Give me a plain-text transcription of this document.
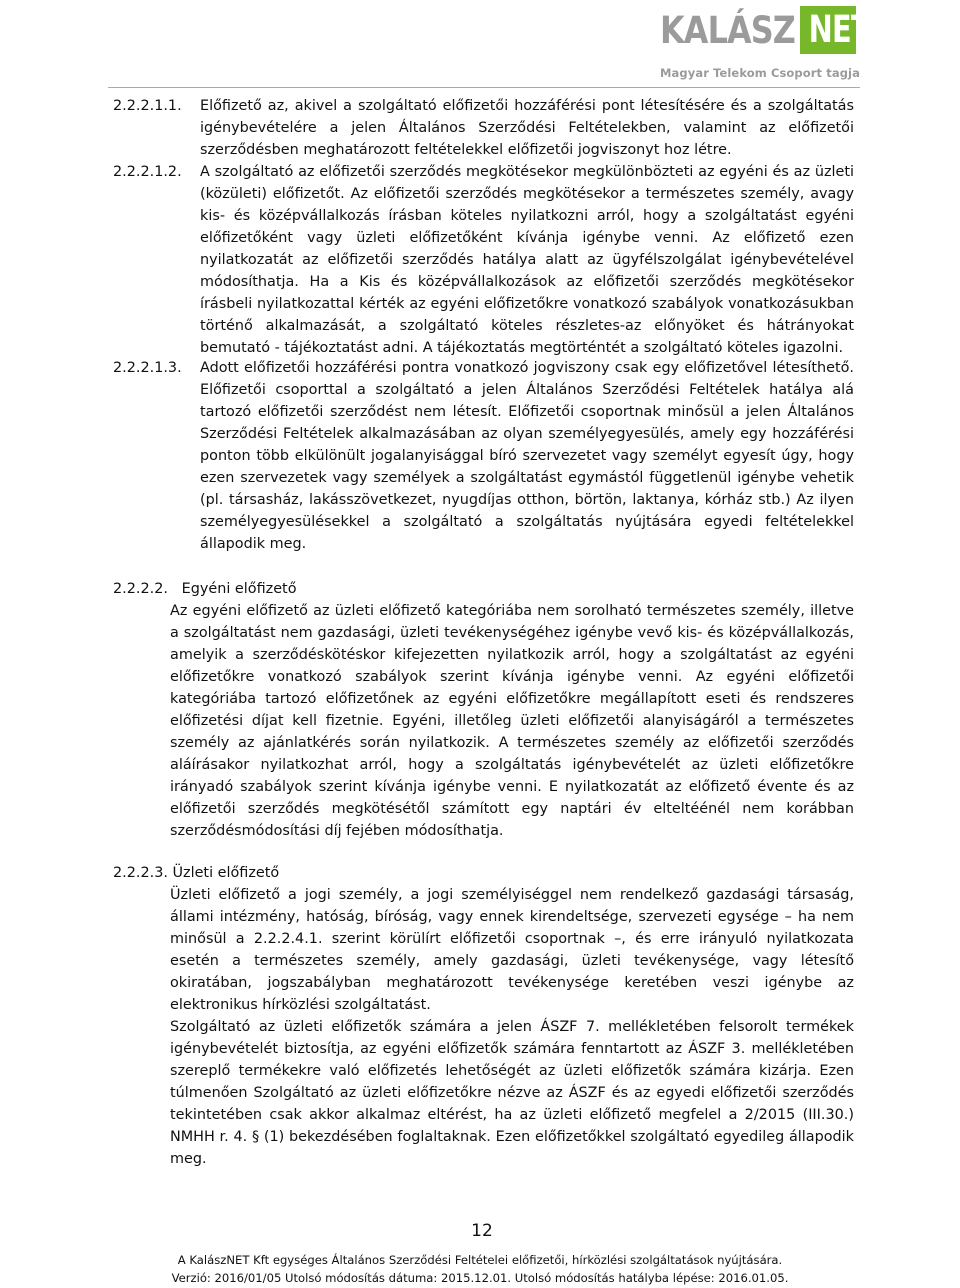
KALÁSZ NET
Magyar Telekom Csoport tagja
2.2.2.1.1. Előfizető az, akivel a szolgáltató előfizetői hozzáférési pont létesítésére és a szolgáltatás igénybevételére a jelen Általános Szerződési Feltételekben, valamint az előfizetői szerződésben meghatározott feltételekkel előfizetői jogviszonyt hoz létre.
2.2.2.1.2. A szolgáltató az előfizetői szerződés megkötésekor megkülönbözteti az egyéni és az üzleti (közületi) előfizetőt. Az előfizetői szerződés megkötésekor a természetes személy, avagy kis- és középvállalkozás írásban köteles nyilatkozni arról, hogy a szolgáltatást egyéni előfizetőként vagy üzleti előfizetőként kívánja igénybe venni. Az előfizető ezen nyilatkozatát az előfizetői szerződés hatálya alatt az ügyfélszolgálat igénybevételével módosíthatja. Ha a Kis és középvállalkozások az előfizetői szerződés megkötésekor írásbeli nyilatkozattal kérték az egyéni előfizetőkre vonatkozó szabályok vonatkozásukban történő alkalmazását, a szolgáltató köteles részletes-az előnyöket és hátrányokat bemutató - tájékoztatást adni. A tájékoztatás megtörténtét a szolgáltató köteles igazolni.
2.2.2.1.3. Adott előfizetői hozzáférési pontra vonatkozó jogviszony csak egy előfizetővel létesíthető. Előfizetői csoporttal a szolgáltató a jelen Általános Szerződési Feltételek hatálya alá tartozó előfizetői szerződést nem létesít. Előfizetői csoportnak minősül a jelen Általános Szerződési Feltételek alkalmazásában az olyan személyegyesülés, amely egy hozzáférési ponton több elkülönült jogalanyisággal bíró szervezetet vagy személyt egyesít úgy, hogy ezen szervezetek vagy személyek a szolgáltatást egymástól függetlenül igénybe vehetik (pl. társasház, lakásszövetkezet, nyugdíjas otthon, börtön, laktanya, kórház stb.) Az ilyen személyegyesülésekkel a szolgáltató a szolgáltatás nyújtására egyedi feltételekkel állapodik meg.
2.2.2.2.   Egyéni előfizető
Az egyéni előfizető az üzleti előfizető kategóriába nem sorolható természetes személy, illetve a szolgáltatást nem gazdasági, üzleti tevékenységéhez igénybe vevő kis- és középvállalkozás, amelyik a szerződéskötéskor kifejezetten nyilatkozik arról, hogy a szolgáltatást az egyéni előfizetőkre vonatkozó szabályok szerint kívánja igénybe venni. Az egyéni előfizetői kategóriába tartozó előfizetőnek az egyéni előfizetőkre megállapított eseti és rendszeres előfizetési díjat kell fizetnie. Egyéni, illetőleg üzleti előfizetői alanyiságáról a természetes személy az ajánlatkérés során nyilatkozik. A természetes személy az előfizetői szerződés aláírásakor nyilatkozhat arról, hogy a szolgáltatás igénybevételét az üzleti előfizetőkre irányadó szabályok szerint kívánja igénybe venni. E nyilatkozatát az előfizető évente és az előfizetői szerződés megkötésétől számított egy naptári év elteltéénél nem korábban szerződésmódosítási díj fejében módosíthatja.
2.2.2.3. Üzleti előfizető
Üzleti előfizető a jogi személy, a jogi személyiséggel nem rendelkező gazdasági társaság, állami intézmény, hatóság, bíróság, vagy ennek kirendeltsége, szervezeti egysége – ha nem minősül a 2.2.2.4.1. szerint körülírt előfizetői csoportnak –, és erre irányuló nyilatkozata esetén a természetes személy, amely gazdasági, üzleti tevékenysége, vagy létesítő okiratában, jogszabályban meghatározott tevékenysége keretében veszi igénybe az elektronikus hírközlési szolgáltatást.
Szolgáltató az üzleti előfizetők számára a jelen ÁSZF 7. mellékletében felsorolt termékek igénybevételét biztosítja, az egyéni előfizetők számára fenntartott az ÁSZF 3. mellékletében szereplő termékekre való előfizetés lehetőségét az üzleti előfizetők számára kizárja. Ezen túlmenően Szolgáltató az üzleti előfizetőkre nézve az ÁSZF és az egyedi előfizetői szerződés tekintetében csak akkor alkalmaz eltérést, ha az üzleti előfizető megfelel a 2/2015 (III.30.) NMHH r. 4. § (1) bekezdésében foglaltaknak. Ezen előfizetőkkel szolgáltató egyedileg állapodik meg.
12
A KalászNET Kft egységes Általános Szerződési Feltételei előfizetői, hírközlési szolgáltatások nyújtására.
Verzió: 2016/01/05 Utolsó módosítás dátuma: 2015.12.01. Utolsó módosítás hatályba lépése: 2016.01.05.
